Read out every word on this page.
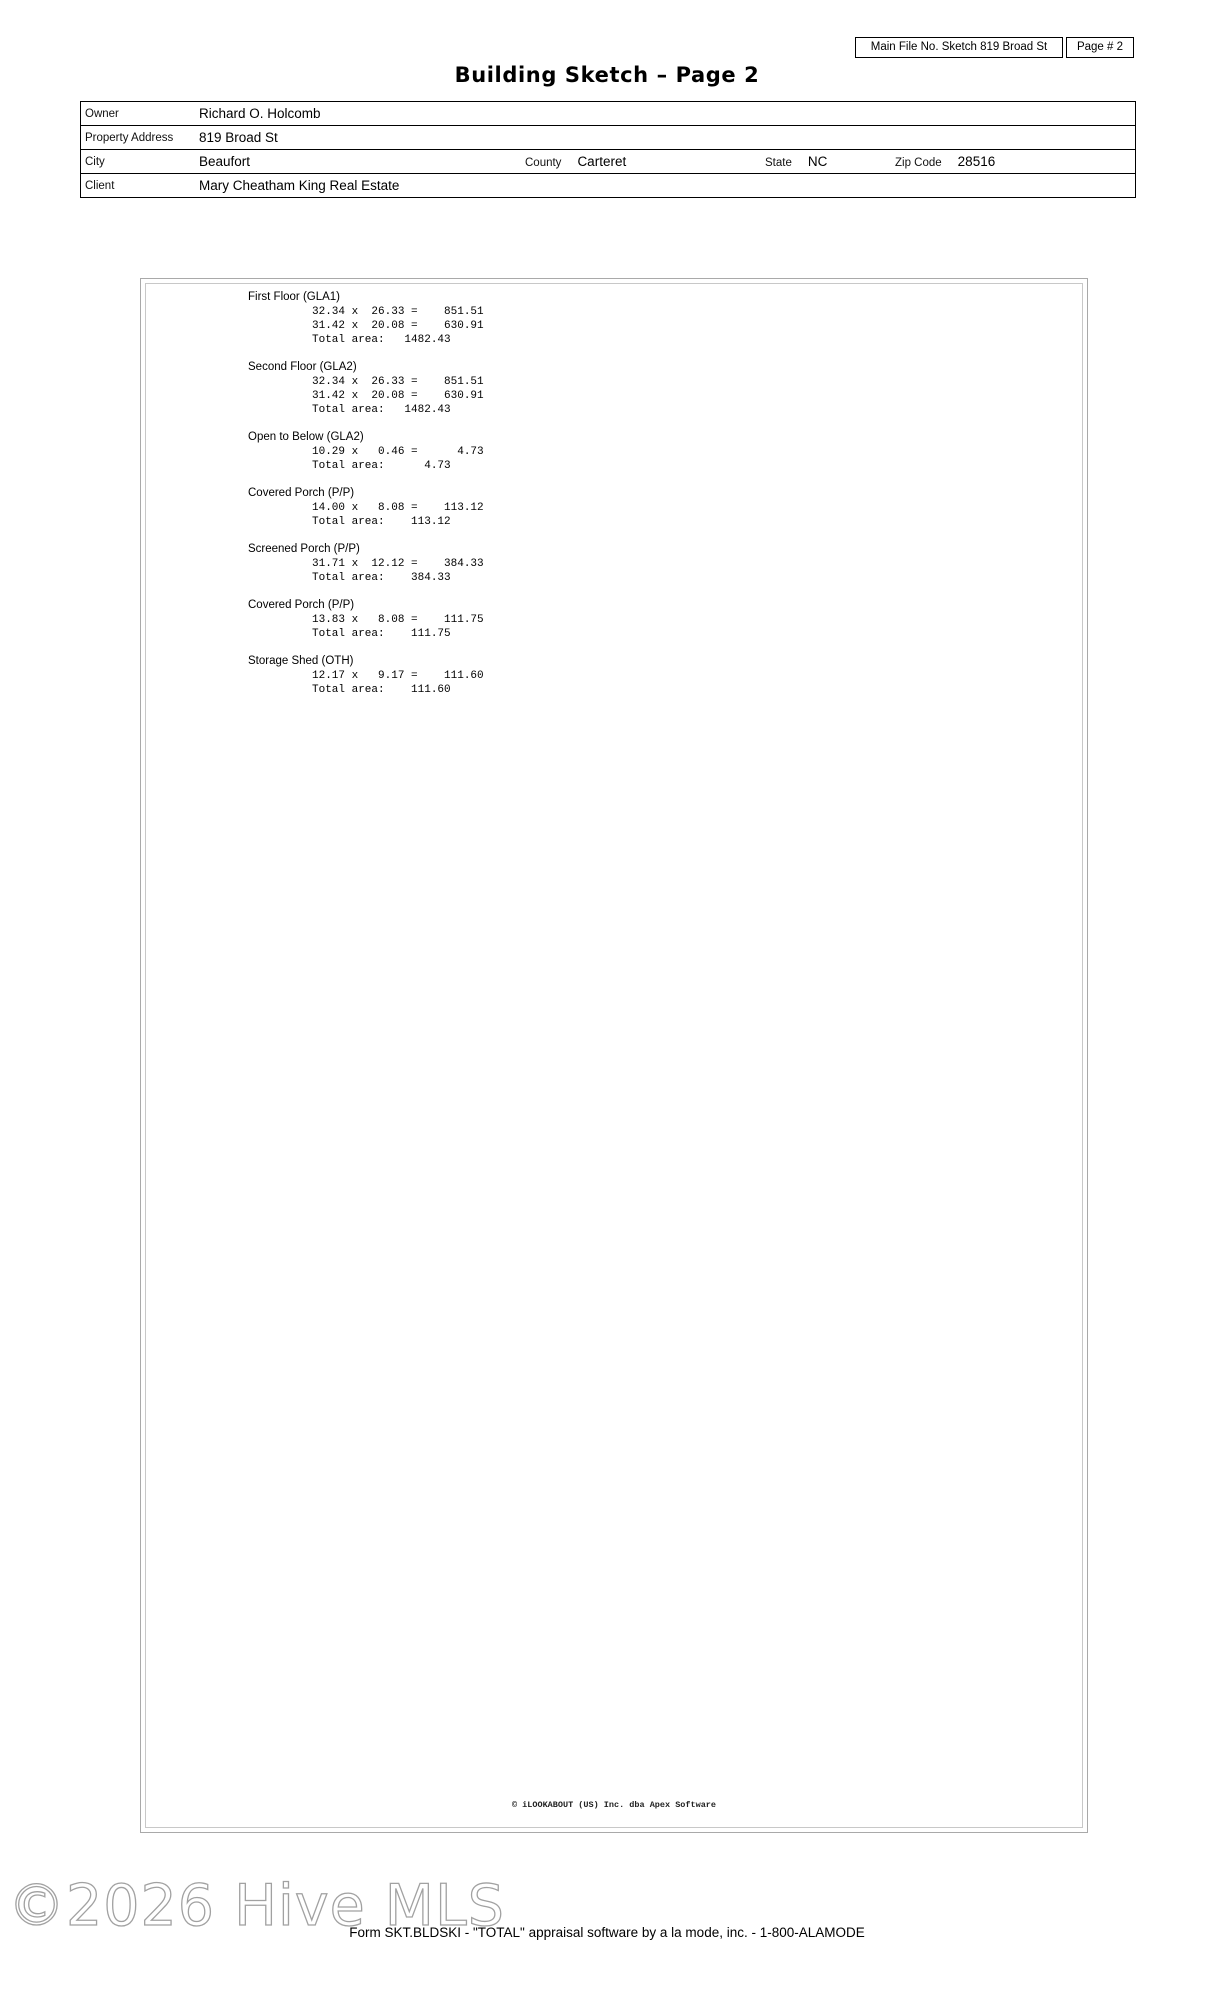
Main File No. Sketch 819 Broad St	Page # 2
Building Sketch – Page 2
Owner	Richard O. Holcomb			

Property Address	819 Broad St			

City	Beaufort	County	Carteret	State	NC	Zip Code	28516

Client	Mary Cheatham King Real Estate			
© iLOOKABOUT (US) Inc. dba Apex Software
First Floor (GLA1)
32.34 x  26.33 =    851.51
31.42 x  20.08 =    630.91
Total area:   1482.43
Second Floor (GLA2)
32.34 x  26.33 =    851.51
31.42 x  20.08 =    630.91
Total area:   1482.43
Open to Below (GLA2)
10.29 x   0.46 =      4.73
Total area:      4.73
Covered Porch (P/P)
14.00 x   8.08 =    113.12
Total area:    113.12
Screened Porch (P/P)
31.71 x  12.12 =    384.33
Total area:    384.33
Covered Porch (P/P)
13.83 x   8.08 =    111.75
Total area:    111.75
Storage Shed (OTH)
12.17 x   9.17 =    111.60
Total area:    111.60
Form SKT.BLDSKI - "TOTAL" appraisal software by a la mode, inc. - 1-800-ALAMODE
©2026 Hive MLS
